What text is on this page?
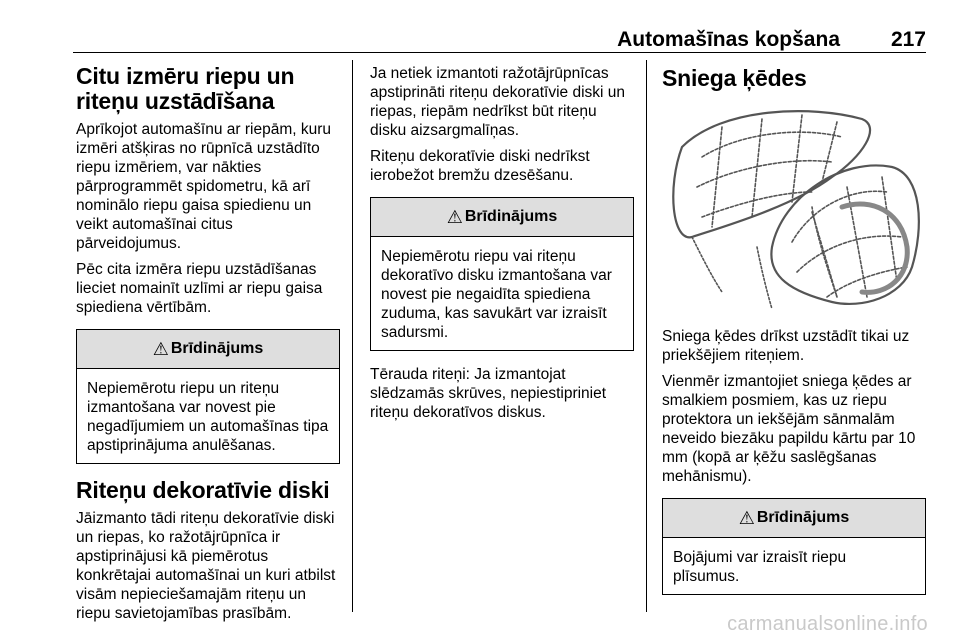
Automašīnas kopšana 217
Citu izmēru riepu un riteņu uzstādīšana

Aprīkojot automašīnu ar riepām, kuru izmēri atšķiras no rūpnīcā uzstādīto riepu izmēriem, var nākties pārprogrammēt spidometru, kā arī nominālo riepu gaisa spiedienu un veikt automašīnai citus pārveidojumus.

Pēc cita izmēra riepu uzstādīšanas lieciet nomainīt uzlīmi ar riepu gaisa spiediena vērtībām.

⚠ Brīdinājums
Nepiemērotu riepu un riteņu izmantošana var novest pie negadījumiem un automašīnas tipa apstiprinājuma anulēšanas.
Riteņu dekoratīvie diski

Jāizmanto tādi riteņu dekoratīvie diski un riepas, ko ražotājrūpnīca ir apstiprinājusi kā piemērotus konkrētajai automašīnai un kuri atbilst visām nepieciešamajām riteņu un riepu savietojamības prasībām.

Ja netiek izmantoti ražotājrūpnīcas apstiprināti riteņu dekoratīvie diski un riepas, riepām nedrīkst būt riteņu disku aizsargmalīņas.

Riteņu dekoratīvie diski nedrīkst ierobežot bremžu dzesēšanu.

⚠ Brīdinājums
Nepiemērotu riepu vai riteņu dekoratīvo disku izmantošana var novest pie negaidīta spiediena zuduma, kas savukārt var izraisīt sadursmi.

Tērauda riteņi: Ja izmantojat slēdzamās skrūves, nepiestipriniet riteņu dekoratīvos diskus.

Sniega ķēdes

Sniega ķēdes drīkst uzstādīt tikai uz priekšējiem riteņiem.

Vienmēr izmantojiet sniega ķēdes ar smalkiem posmiem, kas uz riepu protektora un iekšējām sānmalām neveido biezāku papildu kārtu par 10 mm (kopā ar ķēžu saslēgšanas mehānismu).

⚠ Brīdinājums
Bojājumi var izraisīt riepu plīsumus.
carmanualsonline.info
